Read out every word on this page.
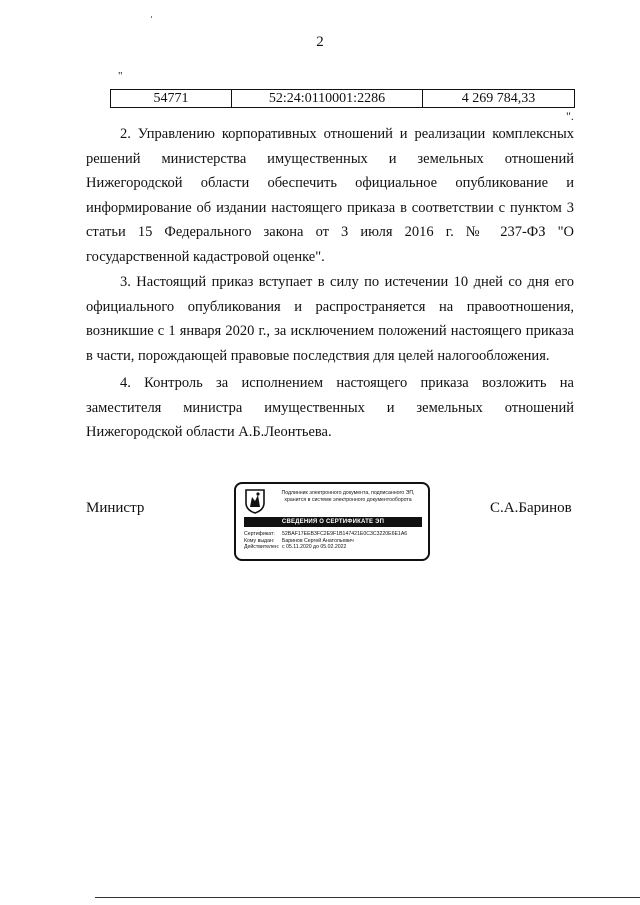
2
"
54771	52:24:0110001:2286	4 269 784,33
".

2. Управлению корпоративных отношений и реализации комплексных решений министерства имущественных и земельных отношений Нижегородской области обеспечить официальное опубликование и информирование об издании настоящего приказа в соответствии с пунктом 3 статьи 15 Федерального закона от 3 июля 2016 г. № 237-ФЗ "О государственной кадастровой оценке".

3. Настоящий приказ вступает в силу по истечении 10 дней со дня его официального опубликования и распространяется на правоотношения, возникшие с 1 января 2020 г., за исключением положений настоящего приказа в части, порождающей правовые последствия для целей налогообложения.

4. Контроль за исполнением настоящего приказа возложить на заместителя министра имущественных и земельных отношений Нижегородской области А.Б.Леонтьева.

Министр
Подлинник электронного документа, подписанного ЭП,
хранится в системе электронного документооборота
СВЕДЕНИЯ О СЕРТИФИКАТЕ ЭП
Сертификат: 52BAF17EEB3FC2E9F1B147421E0C3C3220E6E1A6
Кому выдан: Баринов Сергей Анатольевич
Действителен: с 05.11.2020 до 05.02.2022
С.А.Баринов
